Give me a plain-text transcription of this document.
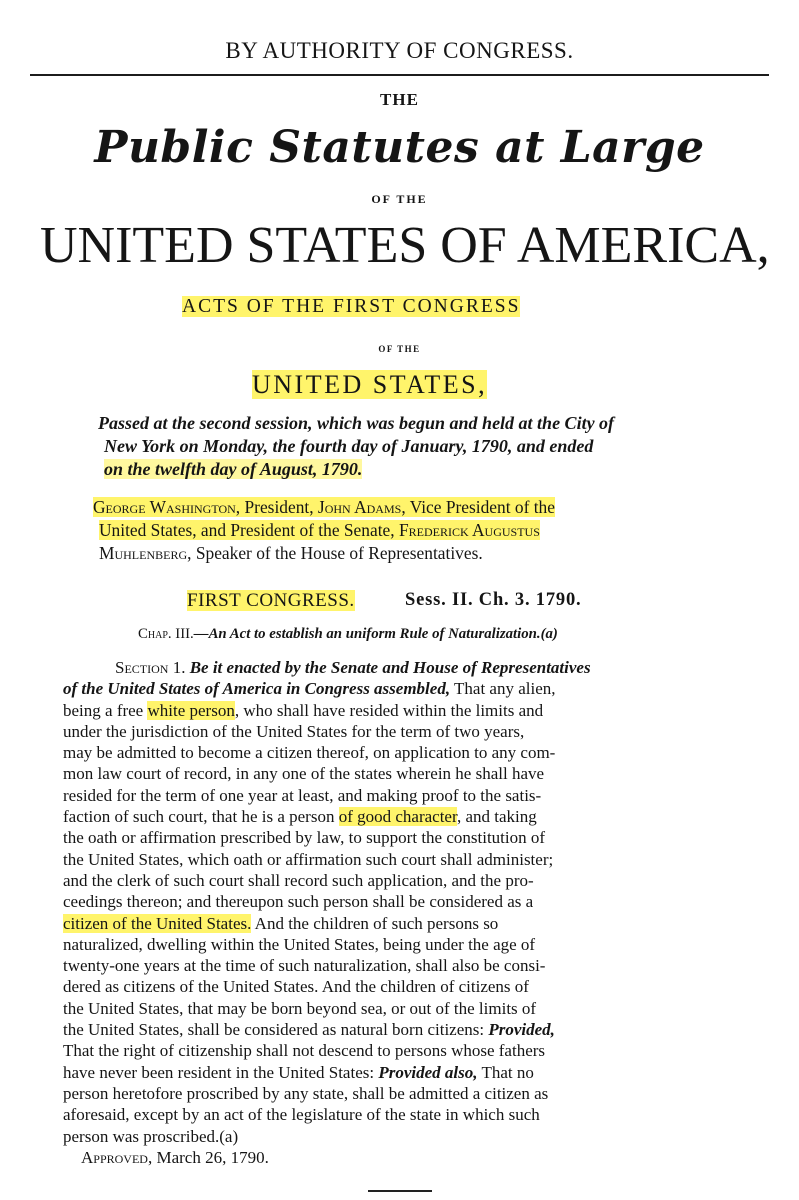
BY AUTHORITY OF CONGRESS.
THE
Public Statutes at Large
OF THE
UNITED STATES OF AMERICA,
ACTS OF THE FIRST CONGRESS
OF THE
UNITED STATES,
Passed at the second session, which was begun and held at the City of
New York on Monday, the fourth day of January, 1790, and ended
on the twelfth day of August, 1790.
George Washington, President, John Adams, Vice President of the
United States, and President of the Senate, Frederick Augustus
Muhlenberg, Speaker of the House of Representatives.
FIRST CONGRESS.	Sess. II. Ch. 3. 1790.
Chap. III.—An Act to establish an uniform Rule of Naturalization.(a)
Section 1. Be it enacted by the Senate and House of Representatives
of the United States of America in Congress assembled, That any alien,
being a free white person, who shall have resided within the limits and
under the jurisdiction of the United States for the term of two years,
may be admitted to become a citizen thereof, on application to any com-
mon law court of record, in any one of the states wherein he shall have
resided for the term of one year at least, and making proof to the satis-
faction of such court, that he is a person of good character, and taking
the oath or affirmation prescribed by law, to support the constitution of
the United States, which oath or affirmation such court shall administer;
and the clerk of such court shall record such application, and the pro-
ceedings thereon; and thereupon such person shall be considered as a
citizen of the United States. And the children of such persons so
naturalized, dwelling within the United States, being under the age of
twenty-one years at the time of such naturalization, shall also be consi-
dered as citizens of the United States. And the children of citizens of
the United States, that may be born beyond sea, or out of the limits of
the United States, shall be considered as natural born citizens: Provided,
That the right of citizenship shall not descend to persons whose fathers
have never been resident in the United States: Provided also, That no
person heretofore proscribed by any state, shall be admitted a citizen as
aforesaid, except by an act of the legislature of the state in which such
person was proscribed.(a)
Approved, March 26, 1790.
